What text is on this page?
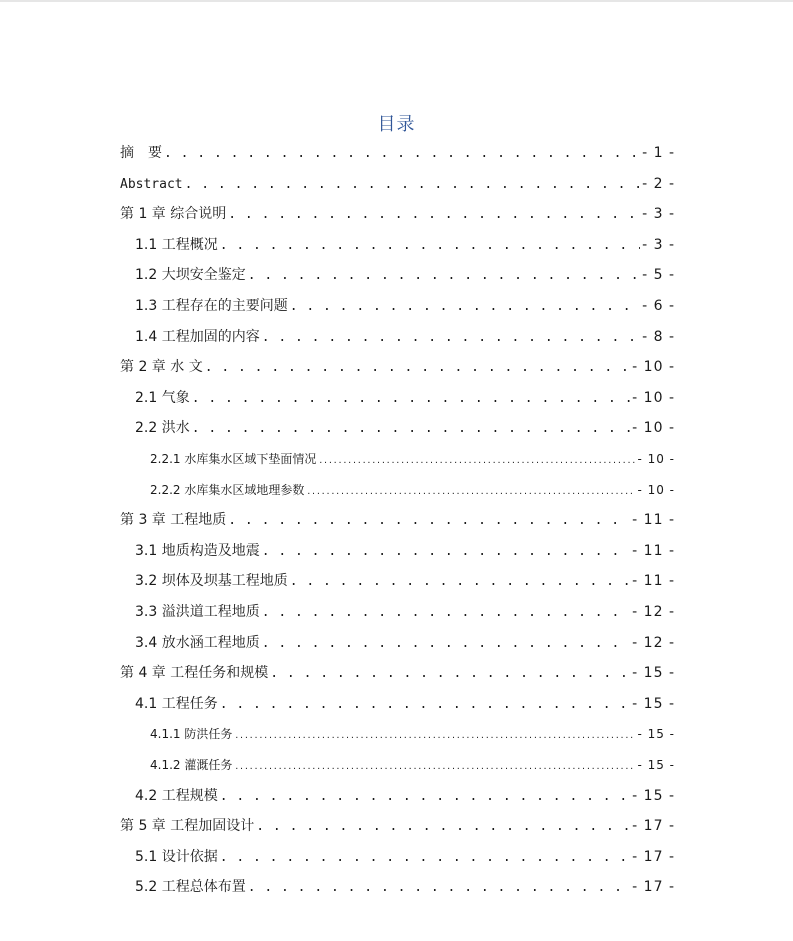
目录
摘　要 . . .	- 1 -
Abstract . . .	- 2 -
第 1 章 综合说明 . . .	- 3 -
1.1 工程概况 . . .	- 3 -
1.2 大坝安全鉴定 . . .	- 5 -
1.3 工程存在的主要问题 . . .	- 6 -
1.4 工程加固的内容 . . .	- 8 -
第 2 章 水 文 . . .	- 10 -
2.1 气象 . . .	- 10 -
2.2 洪水 . . .	- 10 -
2.2.1 水库集水区域下垫面情况 .....	- 10 -
2.2.2 水库集水区域地理参数 .....	- 10 -
第 3 章 工程地质 . . .	- 11 -
3.1 地质构造及地震 . . .	- 11 -
3.2 坝体及坝基工程地质 . . .	- 11 -
3.3 溢洪道工程地质 . . .	- 12 -
3.4 放水涵工程地质 . . .	- 12 -
第 4 章 工程任务和规模 . . .	- 15 -
4.1 工程任务 . . .	- 15 -
4.1.1 防洪任务 .....	- 15 -
4.1.2 灌溉任务 .....	- 15 -
4.2 工程规模 . . .	- 15 -
第 5 章 工程加固设计 . . .	- 17 -
5.1 设计依据 . . .	- 17 -
5.2 工程总体布置 . . .	- 17 -
